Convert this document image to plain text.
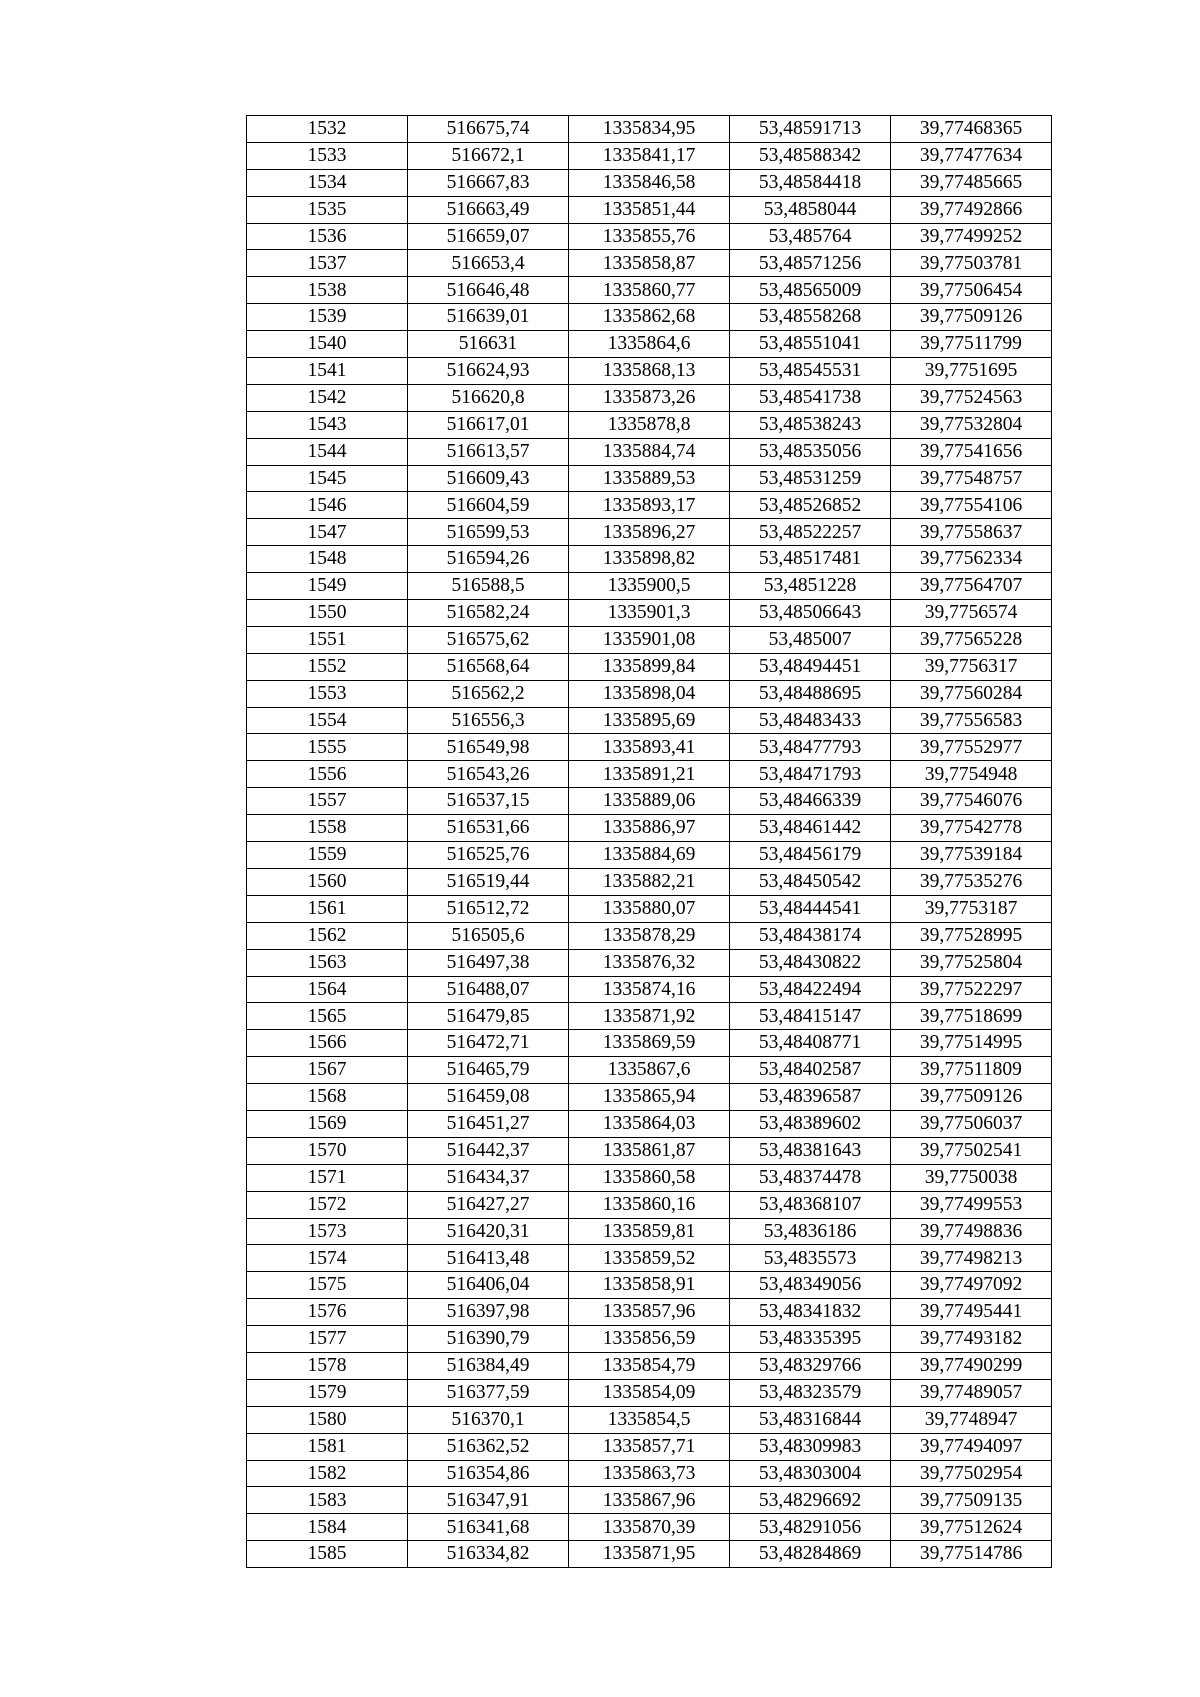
1532	516675,74	1335834,95	53,48591713	39,77468365
1533	516672,1	1335841,17	53,48588342	39,77477634
1534	516667,83	1335846,58	53,48584418	39,77485665
1535	516663,49	1335851,44	53,4858044	39,77492866
1536	516659,07	1335855,76	53,485764	39,77499252
1537	516653,4	1335858,87	53,48571256	39,77503781
1538	516646,48	1335860,77	53,48565009	39,77506454
1539	516639,01	1335862,68	53,48558268	39,77509126
1540	516631	1335864,6	53,48551041	39,77511799
1541	516624,93	1335868,13	53,48545531	39,7751695
1542	516620,8	1335873,26	53,48541738	39,77524563
1543	516617,01	1335878,8	53,48538243	39,77532804
1544	516613,57	1335884,74	53,48535056	39,77541656
1545	516609,43	1335889,53	53,48531259	39,77548757
1546	516604,59	1335893,17	53,48526852	39,77554106
1547	516599,53	1335896,27	53,48522257	39,77558637
1548	516594,26	1335898,82	53,48517481	39,77562334
1549	516588,5	1335900,5	53,4851228	39,77564707
1550	516582,24	1335901,3	53,48506643	39,7756574
1551	516575,62	1335901,08	53,485007	39,77565228
1552	516568,64	1335899,84	53,48494451	39,7756317
1553	516562,2	1335898,04	53,48488695	39,77560284
1554	516556,3	1335895,69	53,48483433	39,77556583
1555	516549,98	1335893,41	53,48477793	39,77552977
1556	516543,26	1335891,21	53,48471793	39,7754948
1557	516537,15	1335889,06	53,48466339	39,77546076
1558	516531,66	1335886,97	53,48461442	39,77542778
1559	516525,76	1335884,69	53,48456179	39,77539184
1560	516519,44	1335882,21	53,48450542	39,77535276
1561	516512,72	1335880,07	53,48444541	39,7753187
1562	516505,6	1335878,29	53,48438174	39,77528995
1563	516497,38	1335876,32	53,48430822	39,77525804
1564	516488,07	1335874,16	53,48422494	39,77522297
1565	516479,85	1335871,92	53,48415147	39,77518699
1566	516472,71	1335869,59	53,48408771	39,77514995
1567	516465,79	1335867,6	53,48402587	39,77511809
1568	516459,08	1335865,94	53,48396587	39,77509126
1569	516451,27	1335864,03	53,48389602	39,77506037
1570	516442,37	1335861,87	53,48381643	39,77502541
1571	516434,37	1335860,58	53,48374478	39,7750038
1572	516427,27	1335860,16	53,48368107	39,77499553
1573	516420,31	1335859,81	53,4836186	39,77498836
1574	516413,48	1335859,52	53,4835573	39,77498213
1575	516406,04	1335858,91	53,48349056	39,77497092
1576	516397,98	1335857,96	53,48341832	39,77495441
1577	516390,79	1335856,59	53,48335395	39,77493182
1578	516384,49	1335854,79	53,48329766	39,77490299
1579	516377,59	1335854,09	53,48323579	39,77489057
1580	516370,1	1335854,5	53,48316844	39,7748947
1581	516362,52	1335857,71	53,48309983	39,77494097
1582	516354,86	1335863,73	53,48303004	39,77502954
1583	516347,91	1335867,96	53,48296692	39,77509135
1584	516341,68	1335870,39	53,48291056	39,77512624
1585	516334,82	1335871,95	53,48284869	39,77514786
